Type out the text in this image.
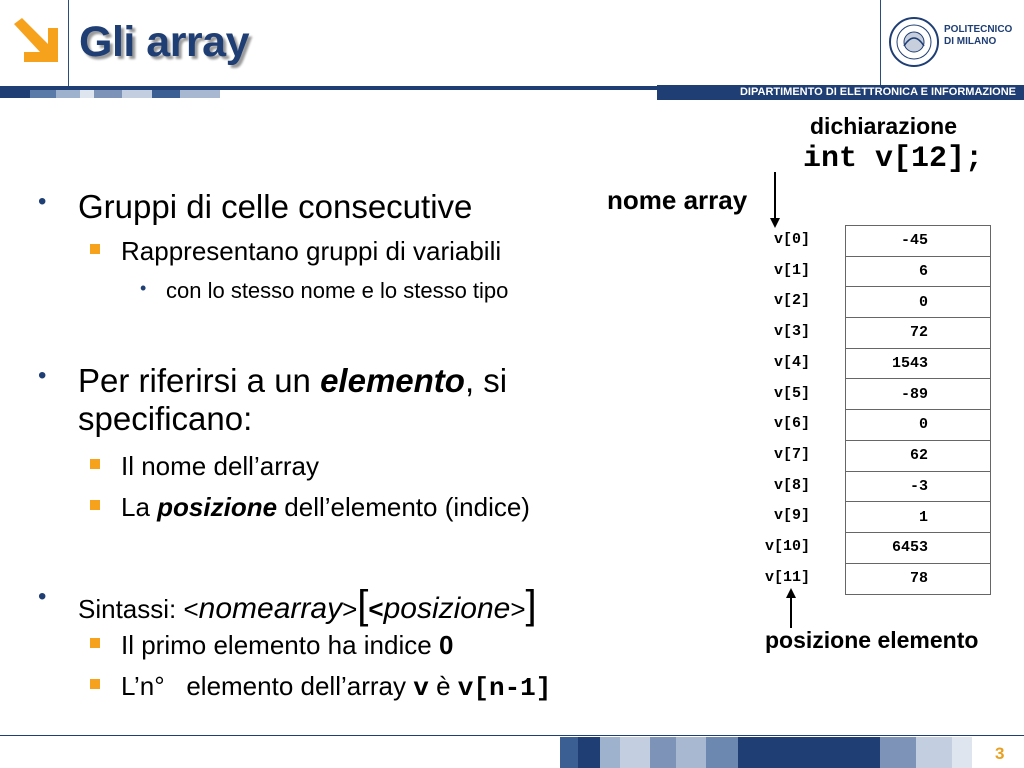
Gli array	POLITECNICO
DI MILANO
DIPARTIMENTO DI ELETTRONICA E INFORMAZIONE
• Gruppi di celle consecutive
Rappresentano gruppi di variabili
• con lo stesso nome e lo stesso tipo
• Per riferirsi a un elemento, si
specificano:
Il nome dell’array
La posizione dell’elemento (indice)
• Sintassi: <nomearray>[<posizione>]
Il primo elemento ha indice 0
L’n°   elemento dell’array v è v[n-1]
dichiarazione
int v[12];
nome array
v[0]
v[1]
v[2]
v[3]
v[4]
v[5]
v[6]
v[7]
v[8]
v[9]
v[10]
v[11]
-45
6
0
72
1543
-89
0
62
-3
1
6453
78
posizione elemento
3
